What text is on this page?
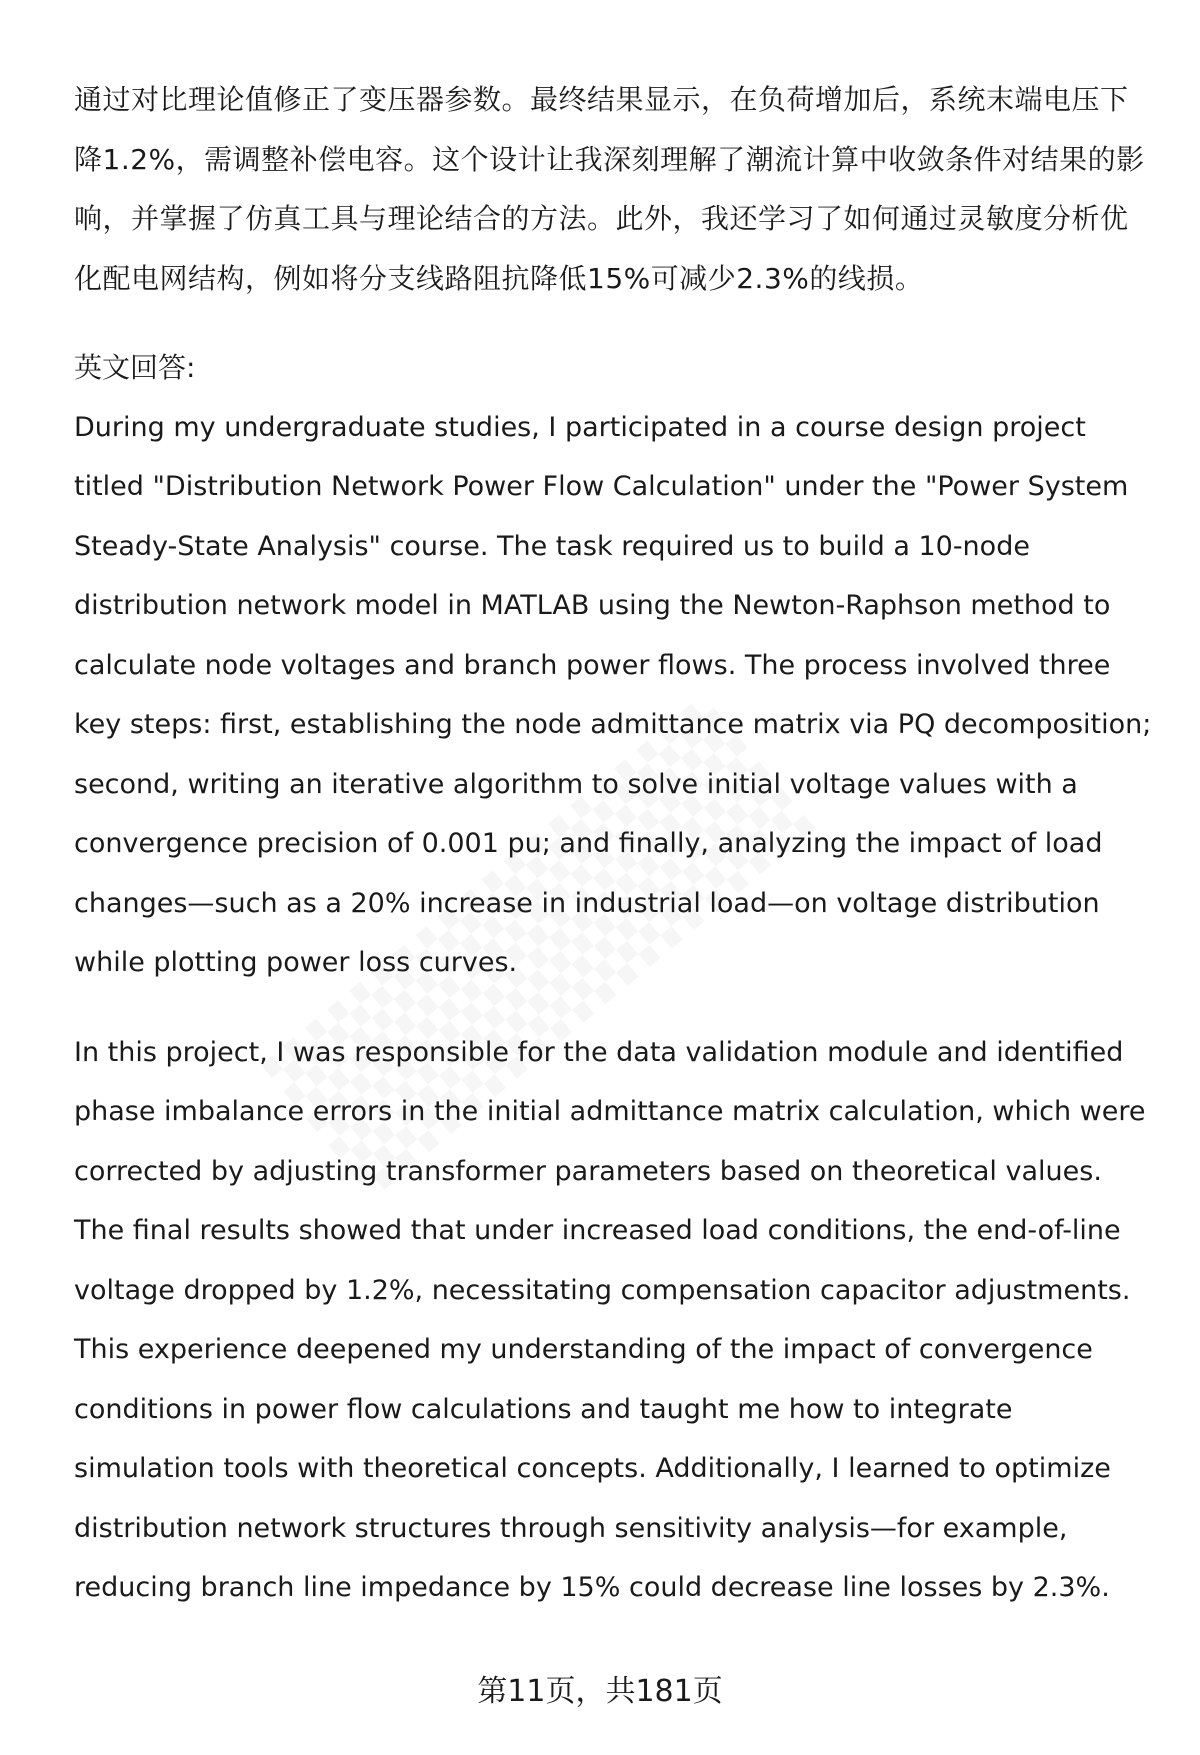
通过对比理论值修正了变压器参数。最终结果显示，在负荷增加后，系统末端电压下降1.2%，需调整补偿电容。这个设计让我深刻理解了潮流计算中收敛条件对结果的影响，并掌握了仿真工具与理论结合的方法。此外，我还学习了如何通过灵敏度分析优化配电网结构，例如将分支线路阻抗降低15%可减少2.3%的线损。

英文回答:

During my undergraduate studies, I participated in a course design project titled "Distribution Network Power Flow Calculation" under the "Power System Steady-State Analysis" course. The task required us to build a 10-node distribution network model in MATLAB using the Newton-Raphson method to calculate node voltages and branch power flows. The process involved three key steps: first, establishing the node admittance matrix via PQ decomposition; second, writing an iterative algorithm to solve initial voltage values with a convergence precision of 0.001 pu; and finally, analyzing the impact of load changes—such as a 20% increase in industrial load—on voltage distribution while plotting power loss curves.

In this project, I was responsible for the data validation module and identified phase imbalance errors in the initial admittance matrix calculation, which were corrected by adjusting transformer parameters based on theoretical values. The final results showed that under increased load conditions, the end-of-line voltage dropped by 1.2%, necessitating compensation capacitor adjustments. This experience deepened my understanding of the impact of convergence conditions in power flow calculations and taught me how to integrate simulation tools with theoretical concepts. Additionally, I learned to optimize distribution network structures through sensitivity analysis—for example, reducing branch line impedance by 15% could decrease line losses by 2.3%.

第11页，共181页
